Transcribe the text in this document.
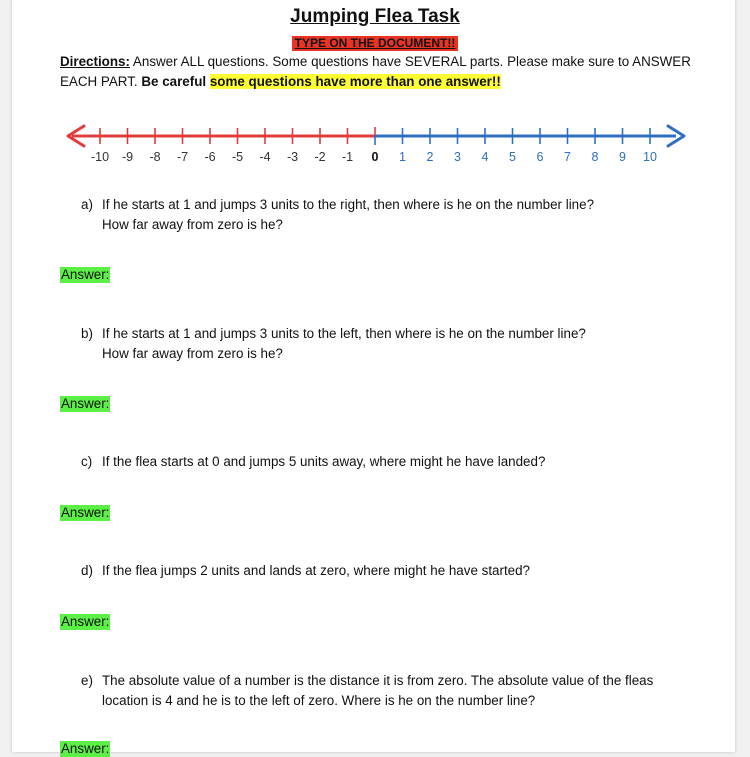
Jumping Flea Task
TYPE ON THE DOCUMENT!!
Directions: Answer ALL questions. Some questions have SEVERAL parts. Please make sure to ANSWER EACH PART. Be careful some questions have more than one answer!!
-10 -9 -8 -7 -6 -5 -4 -3 -2 -1 0 1 2 3 4 5 6 7 8 9 10
a) If he starts at 1 and jumps 3 units to the right, then where is he on the number line?
How far away from zero is he?
Answer:
b) If he starts at 1 and jumps 3 units to the left, then where is he on the number line?
How far away from zero is he?
Answer:
c) If the flea starts at 0 and jumps 5 units away, where might he have landed?
Answer:
d) If the flea jumps 2 units and lands at zero, where might he have started?
Answer:
e) The absolute value of a number is the distance it is from zero. The absolute value of the fleas
location is 4 and he is to the left of zero. Where is he on the number line?
Answer:
